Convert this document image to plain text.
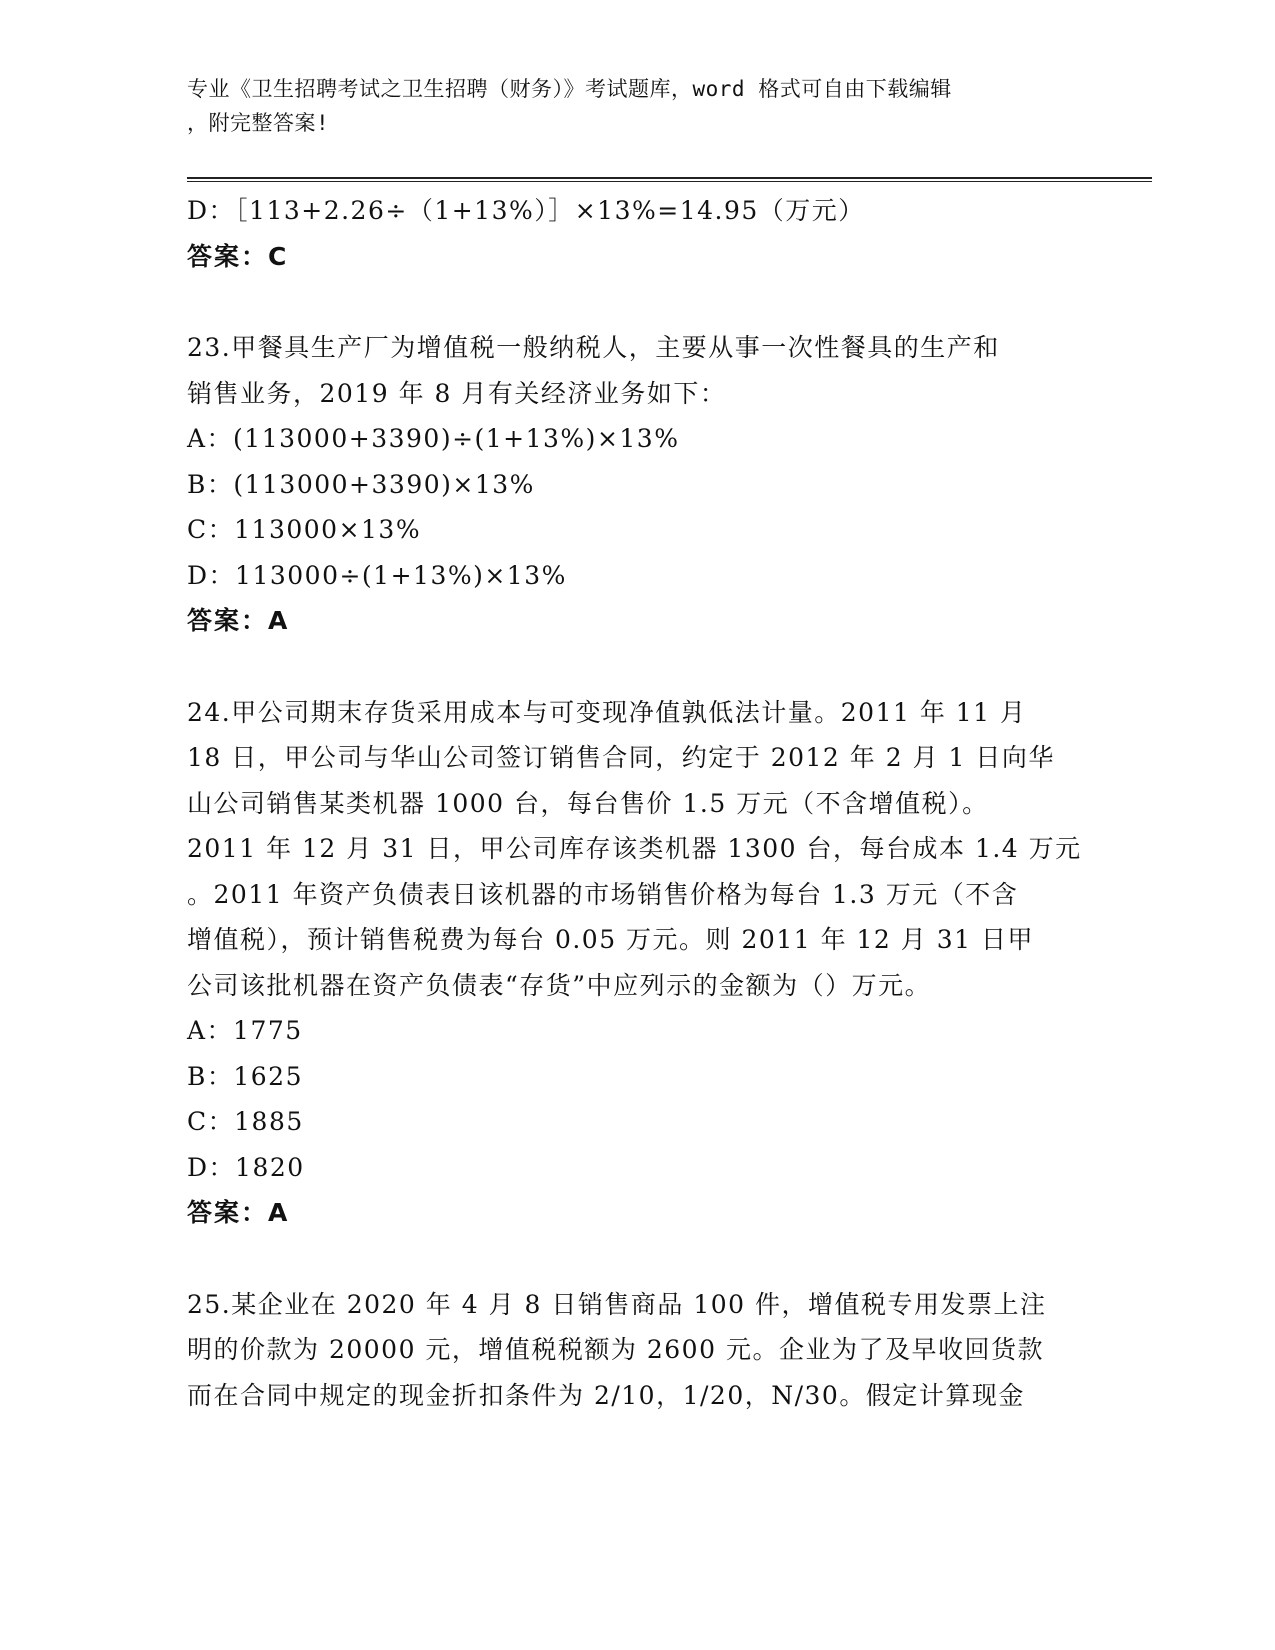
专业《卫生招聘考试之卫生招聘（财务）》考试题库，word 格式可自由下载编辑
，附完整答案!
D：［113+2.26÷（1+13%）］×13%=14.95（万元）
答案：C
23.甲餐具生产厂为增值税一般纳税人，主要从事一次性餐具的生产和
销售业务，2019 年 8 月有关经济业务如下：
A：(113000+3390)÷(1+13%)×13%
B：(113000+3390)×13%
C：113000×13%
D：113000÷(1+13%)×13%
答案：A
24.甲公司期末存货采用成本与可变现净值孰低法计量。2011 年 11 月
18 日，甲公司与华山公司签订销售合同，约定于 2012 年 2 月 1 日向华
山公司销售某类机器 1000 台，每台售价 1.5 万元（不含增值税）。
2011 年 12 月 31 日，甲公司库存该类机器 1300 台，每台成本 1.4 万元
。2011 年资产负债表日该机器的市场销售价格为每台 1.3 万元（不含
增值税），预计销售税费为每台 0.05 万元。则 2011 年 12 月 31 日甲
公司该批机器在资产负债表“存货”中应列示的金额为（）万元。
A：1775
B：1625
C：1885
D：1820
答案：A
25.某企业在 2020 年 4 月 8 日销售商品 100 件，增值税专用发票上注
明的价款为 20000 元，增值税税额为 2600 元。企业为了及早收回货款
而在合同中规定的现金折扣条件为 2/10，1/20，N/30。假定计算现金
